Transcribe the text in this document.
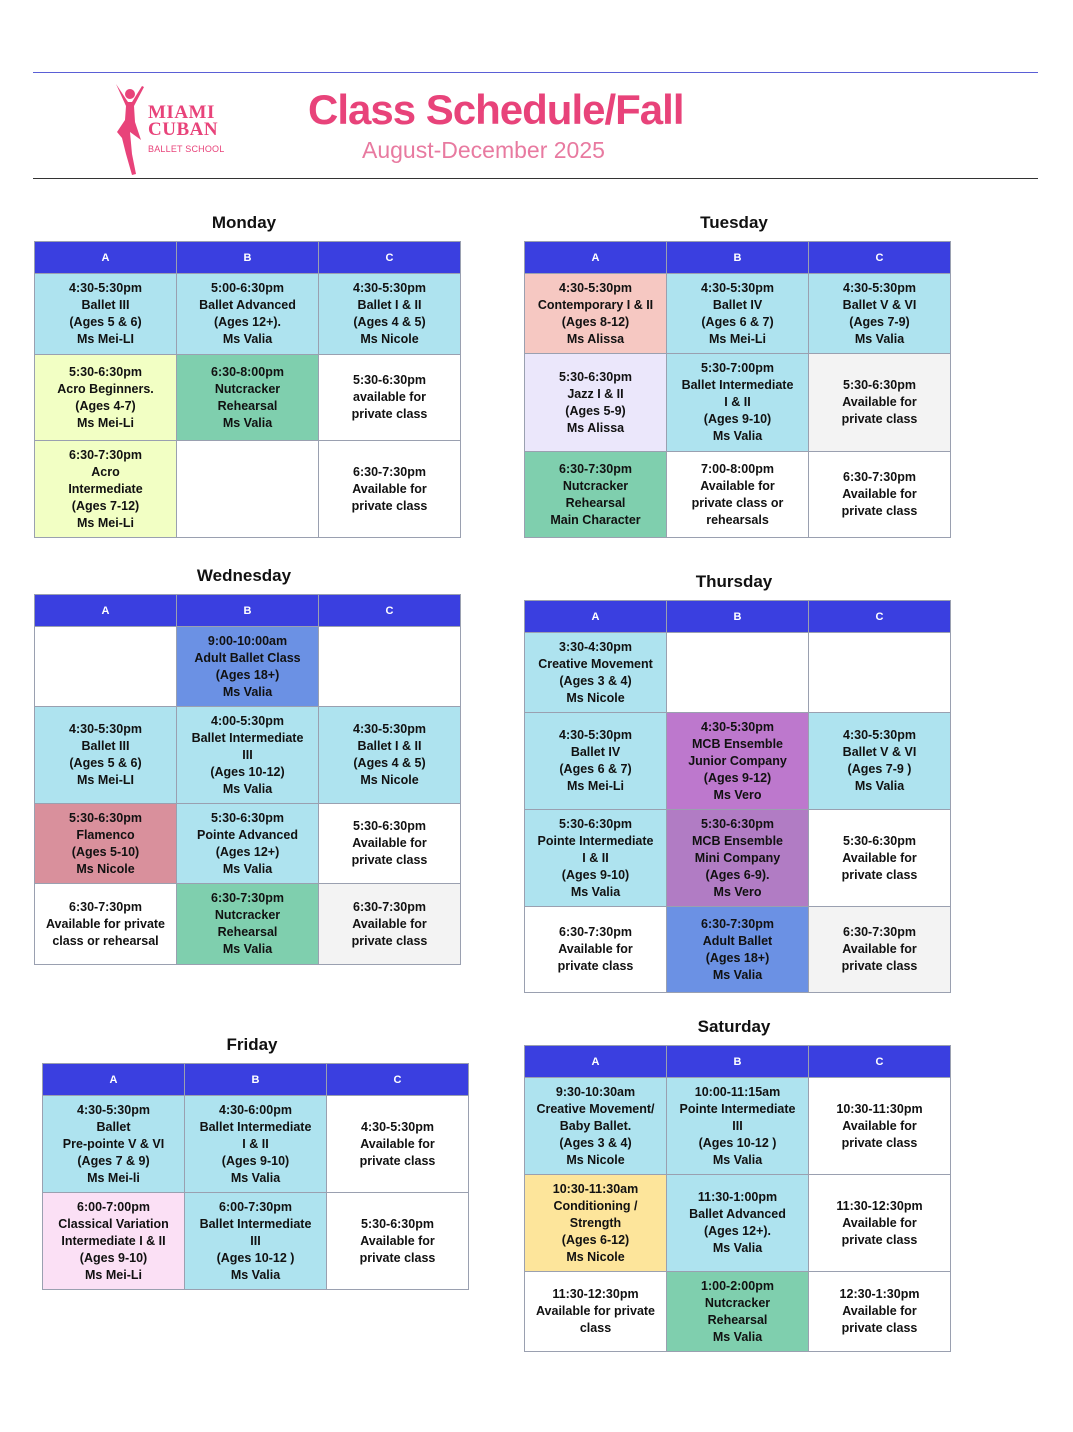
MIAMI
CUBAN
BALLET SCHOOL
Class Schedule/Fall
August-December 2025
Monday
A	B	C
4:30-5:30pm
Ballet III
(Ages 5 & 6)
Ms Mei-LI	5:00-6:30pm
Ballet Advanced
(Ages 12+).
Ms Valia	4:30-5:30pm
Ballet I & II
(Ages 4 & 5)
Ms Nicole
5:30-6:30pm
Acro Beginners.
(Ages 4-7)
Ms Mei-Li	6:30-8:00pm
Nutcracker
Rehearsal
Ms Valia	5:30-6:30pm
available for
private class
6:30-7:30pm
Acro
Intermediate
(Ages 7-12)
Ms Mei-Li		6:30-7:30pm
Available for
private class
Tuesday
A	B	C
4:30-5:30pm
Contemporary I & II
(Ages 8-12)
Ms Alissa	4:30-5:30pm
Ballet IV
(Ages 6 & 7)
Ms Mei-Li	4:30-5:30pm
Ballet V & VI
(Ages 7-9)
Ms Valia
5:30-6:30pm
Jazz I & II
(Ages 5-9)
Ms Alissa	5:30-7:00pm
Ballet Intermediate
I & II
(Ages 9-10)
Ms Valia	5:30-6:30pm
Available for
private class
6:30-7:30pm
Nutcracker
Rehearsal
Main Character	7:00-8:00pm
Available for
private class or
rehearsals	6:30-7:30pm
Available for
private class
Wednesday
A	B	C
	9:00-10:00am
Adult Ballet Class
(Ages 18+)
Ms Valia	
4:30-5:30pm
Ballet III
(Ages 5 & 6)
Ms Mei-LI	4:00-5:30pm
Ballet Intermediate
III
(Ages 10-12)
Ms Valia	4:30-5:30pm
Ballet I & II
(Ages 4 & 5)
Ms Nicole
5:30-6:30pm
Flamenco
(Ages 5-10)
Ms Nicole	5:30-6:30pm
Pointe Advanced
(Ages 12+)
Ms Valia	5:30-6:30pm
Available for
private class
6:30-7:30pm
Available for private
class or rehearsal	6:30-7:30pm
Nutcracker
Rehearsal
Ms Valia	6:30-7:30pm
Available for
private class
Thursday
A	B	C
3:30-4:30pm
Creative Movement
(Ages 3 & 4)
Ms Nicole		
4:30-5:30pm
Ballet IV
(Ages 6 & 7)
Ms Mei-Li	4:30-5:30pm
MCB Ensemble
Junior Company
(Ages 9-12)
Ms Vero	4:30-5:30pm
Ballet V & VI
(Ages 7-9 )
Ms Valia
5:30-6:30pm
Pointe Intermediate
I & II
(Ages 9-10)
Ms Valia	5:30-6:30pm
MCB Ensemble
Mini Company
(Ages 6-9).
Ms Vero	5:30-6:30pm
Available for
private class
6:30-7:30pm
Available for
private class	6:30-7:30pm
Adult Ballet
(Ages 18+)
Ms Valia	6:30-7:30pm
Available for
private class
Friday
A	B	C
4:30-5:30pm
Ballet
Pre-pointe V & VI
(Ages 7 & 9)
Ms Mei-li	4:30-6:00pm
Ballet Intermediate
I & II
(Ages 9-10)
Ms Valia	4:30-5:30pm
Available for
private class
6:00-7:00pm
Classical Variation
Intermediate I & II
(Ages 9-10)
Ms Mei-Li	6:00-7:30pm
Ballet Intermediate
III
(Ages 10-12 )
Ms Valia	5:30-6:30pm
Available for
private class
Saturday
A	B	C
9:30-10:30am
Creative Movement/
Baby Ballet.
(Ages 3 & 4)
Ms Nicole	10:00-11:15am
Pointe Intermediate
III
(Ages 10-12 )
Ms Valia	10:30-11:30pm
Available for
private class
10:30-11:30am
Conditioning /
Strength
(Ages 6-12)
Ms Nicole	11:30-1:00pm
Ballet Advanced
(Ages 12+).
Ms Valia	11:30-12:30pm
Available for
private class
11:30-12:30pm
Available for private
class	1:00-2:00pm
Nutcracker
Rehearsal
Ms Valia	12:30-1:30pm
Available for
private class
